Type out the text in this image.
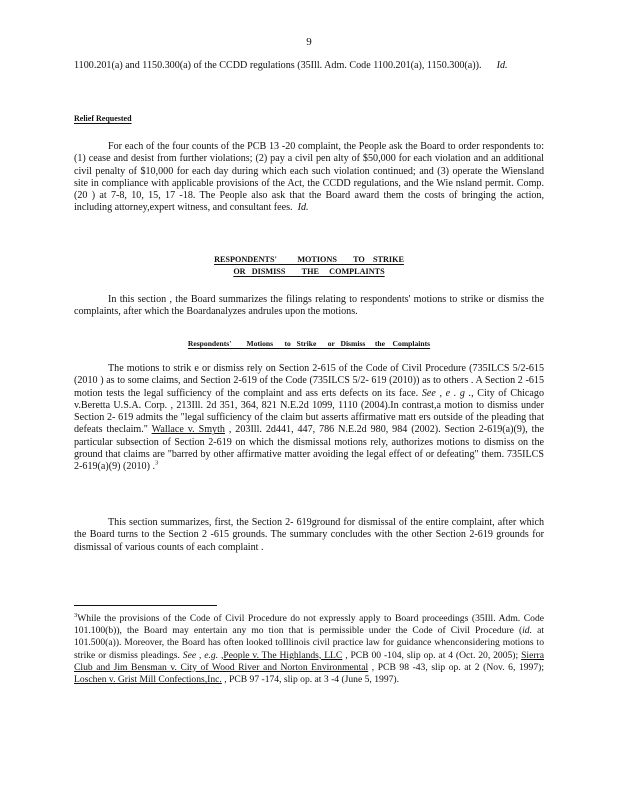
9

1100.201(a) and 1150.300(a) of the CCDD regulations (35Ill. Adm. Code 1100.201(a), 1150.300(a)). Id.

Relief Requested

For each of the four counts of the PCB 13 -20 complaint, the People ask the Board to order respondents to: (1) cease and desist from further violations; (2) pay a civil pen alty of $50,000 for each violation and an additional civil penalty of $10,000 for each day during which each such violation continued; and (3) operate the Wiensland site in compliance with applicable provisions of the Act, the CCDD regulations, and the Wie nsland permit. Comp. (20 ) at 7-8, 10, 15, 17 -18. The People also ask that the Board award them the costs of bringing the action, including attorney,expert witness, and consultant fees. Id.

RESPONDENTS'          MOTIONS        TO    STRIKE
OR   DISMISS        THE     COMPLAINTS

In this section , the Board summarizes the filings relating to respondents' motions to strike or dismiss the complaints, after which the Boardanalyzes andrules upon the motions.

Respondents'        Motions      to   Strike      or   Dismiss     the    Complaints

The motions to strik e or dismiss rely on Section 2-615 of the Code of Civil Procedure (735ILCS 5/2-615 (2010 ) as to some claims, and Section 2-619 of the Code (735ILCS 5/2- 619 (2010)) as to others . A Section 2 -615 motion tests the legal sufficiency of the complaint and ass erts defects on its face. See , e . g ., City of Chicago v.Beretta U.S.A. Corp. , 213Ill. 2d 351, 364, 821 N.E.2d 1099, 1110 (2004).In contrast,a motion to dismiss under Section 2- 619 admits the "legal sufficiency of the claim but asserts affirmative matt ers outside of the pleading that defeats theclaim." Wallace v. Smyth , 203Ill. 2d441, 447, 786 N.E.2d 980, 984 (2002). Section 2-619(a)(9), the particular subsection of Section 2-619 on which the dismissal motions rely, authorizes motions to dismiss on the ground that claims are "barred by other affirmative matter avoiding the legal effect of or defeating" them. 735ILCS 2-619(a)(9) (2010) .$^3$

This section summarizes, first, the Section 2- 619ground for dismissal of the entire complaint, after which the Board turns to the Section 2 -615 grounds. The summary concludes with the other Section 2-619 grounds for dismissal of various counts of each complaint .

$^3$While the provisions of the Code of Civil Procedure do not expressly apply to Board proceedings (35Ill. Adm. Code 101.100(b)), the Board may entertain any mo tion that is permissible under the Code of Civil Procedure (id. at 101.500(a)). Moreover, the Board has often looked toIllinois civil practice law for guidance whenconsidering motions to strike or dismiss pleadings. See , e.g. ,People v. The Highlands, LLC , PCB 00 -104, slip op. at 4 (Oct. 20, 2005); Sierra Club and Jim Bensman v. City of Wood River and Norton Environmental , PCB 98 -43, slip op. at 2 (Nov. 6, 1997); Loschen v. Grist Mill Confections,Inc. , PCB 97 -174, slip op. at 3 -4 (June 5, 1997).
